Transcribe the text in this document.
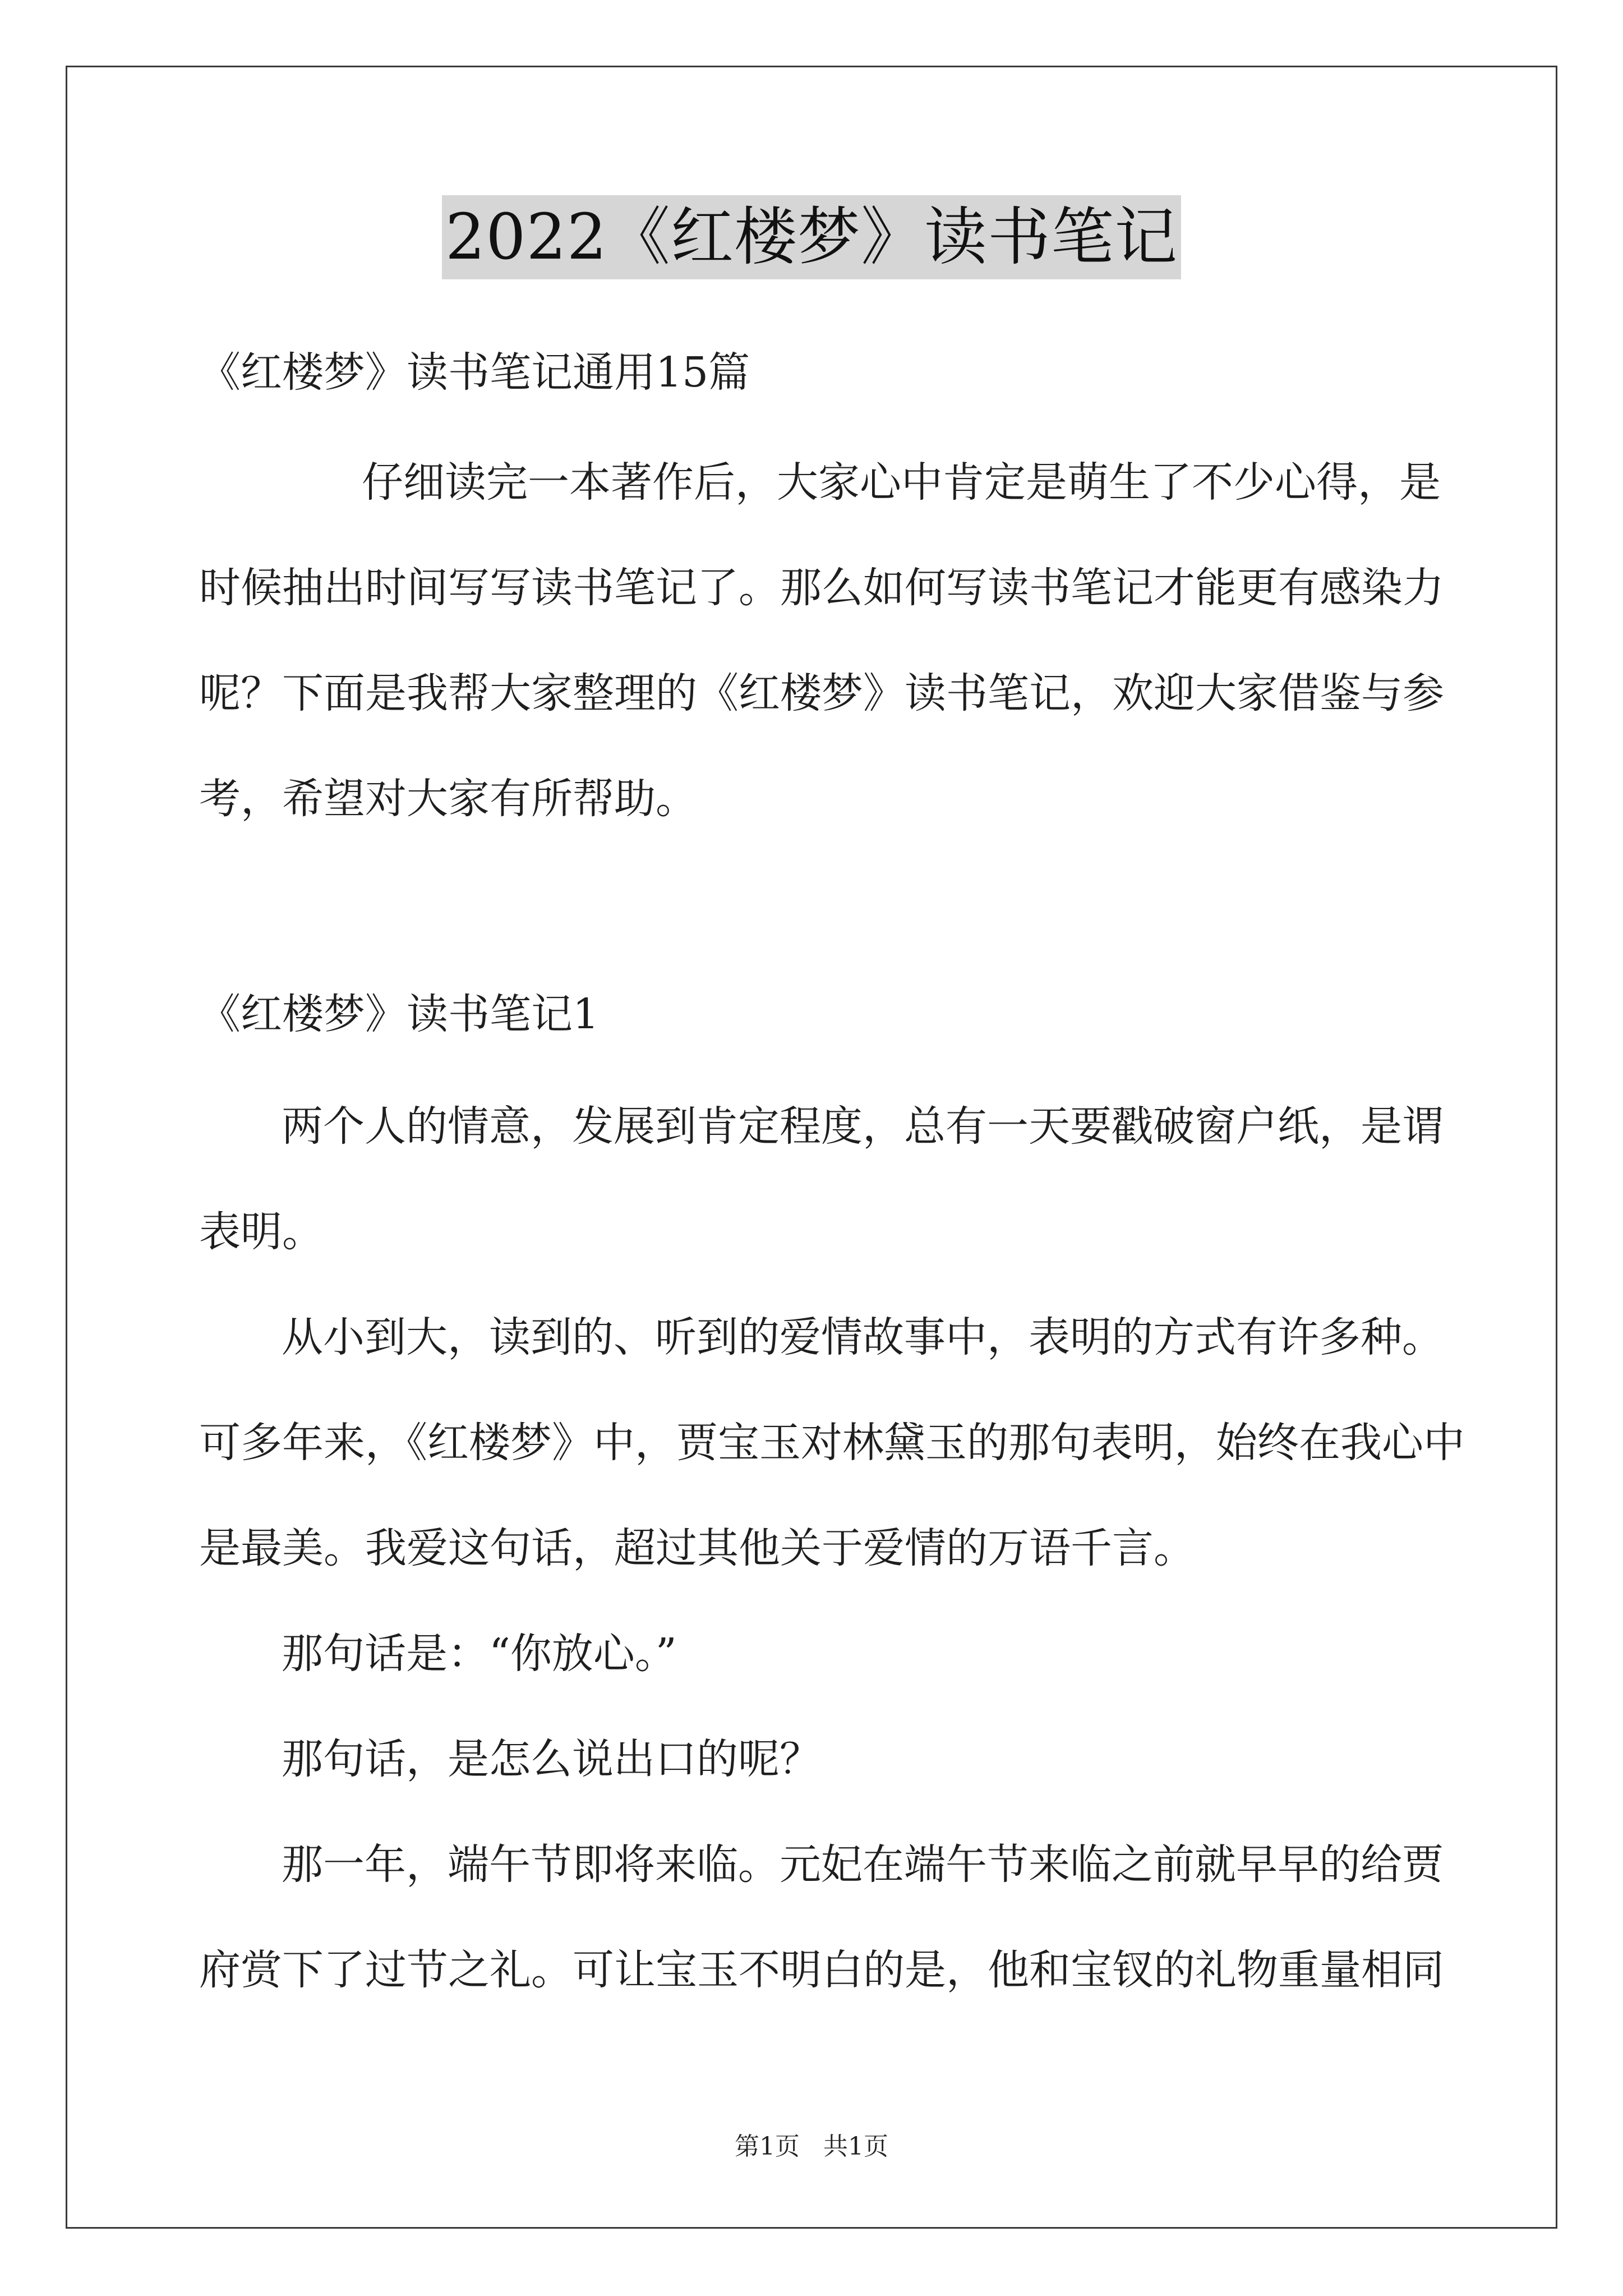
2022《红楼梦》读书笔记
《红楼梦》读书笔记通用15篇
仔细读完一本著作后，大家心中肯定是萌生了不少心得，是
时候抽出时间写写读书笔记了。那么如何写读书笔记才能更有感染力
呢？下面是我帮大家整理的《红楼梦》读书笔记，欢迎大家借鉴与参
考，希望对大家有所帮助。
《红楼梦》读书笔记1
两个人的情意，发展到肯定程度，总有一天要戳破窗户纸，是谓
表明。
从小到大，读到的、听到的爱情故事中，表明的方式有许多种。
可多年来，《红楼梦》中，贾宝玉对林黛玉的那句表明，始终在我心中
是最美。我爱这句话，超过其他关于爱情的万语千言。
那句话是：“你放心。”
那句话，是怎么说出口的呢？
那一年，端午节即将来临。元妃在端午节来临之前就早早的给贾
府赏下了过节之礼。可让宝玉不明白的是，他和宝钗的礼物重量相同
第1页 共1页
